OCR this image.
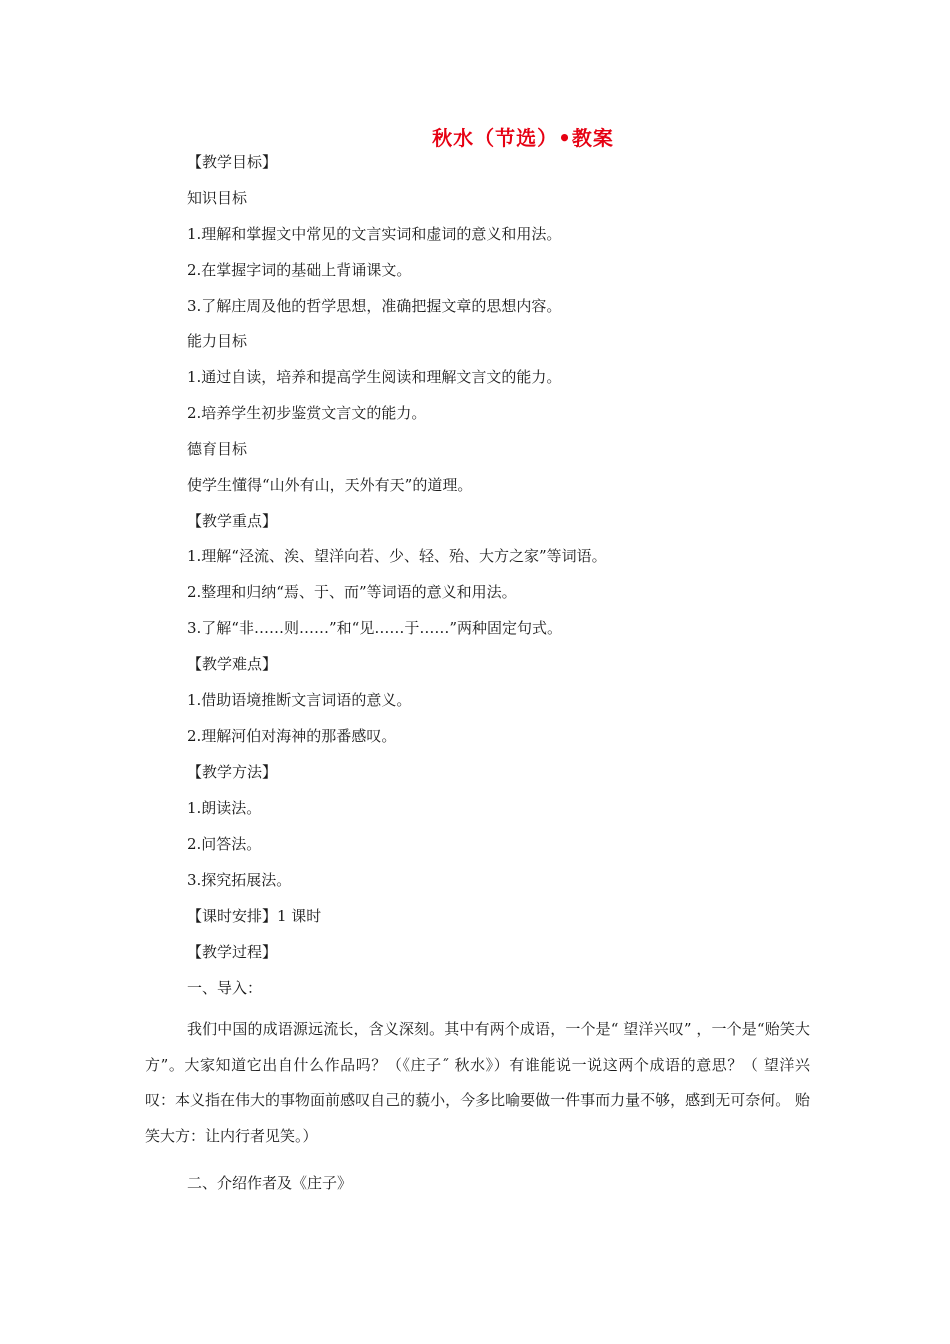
秋水（节选）•教案
【教学目标】
知识目标
1.理解和掌握文中常见的文言实词和虚词的意义和用法。
2.在掌握字词的基础上背诵课文。
3.了解庄周及他的哲学思想，准确把握文章的思想内容。
能力目标
1.通过自读，培养和提高学生阅读和理解文言文的能力。
2.培养学生初步鉴赏文言文的能力。
德育目标
使学生懂得“山外有山，天外有天”的道理。
【教学重点】
1.理解“泾流、涘、望洋向若、少、轻、殆、大方之家”等词语。
2.整理和归纳“焉、于、而”等词语的意义和用法。
3.了解“非……则……”和“见……于……”两种固定句式。
【教学难点】
1.借助语境推断文言词语的意义。
2.理解河伯对海神的那番感叹。
【教学方法】
1.朗读法。
2.问答法。
3.探究拓展法。
【课时安排】1 课时
【教学过程】
一、导入：
我们中国的成语源远流长，含义深刻。其中有两个成语，一个是“ 望洋兴叹” ，一个是“贻笑大方”。大家知道它出自什么作品吗？（《庄子˝ 秋水》）有谁能说一说这两个成语的意思？（ 望洋兴叹：本义指在伟大的事物面前感叹自己的藐小，今多比喻要做一件事而力量不够，感到无可奈何。 贻笑大方：让内行者见笑。）
二、介绍作者及《庄子》
